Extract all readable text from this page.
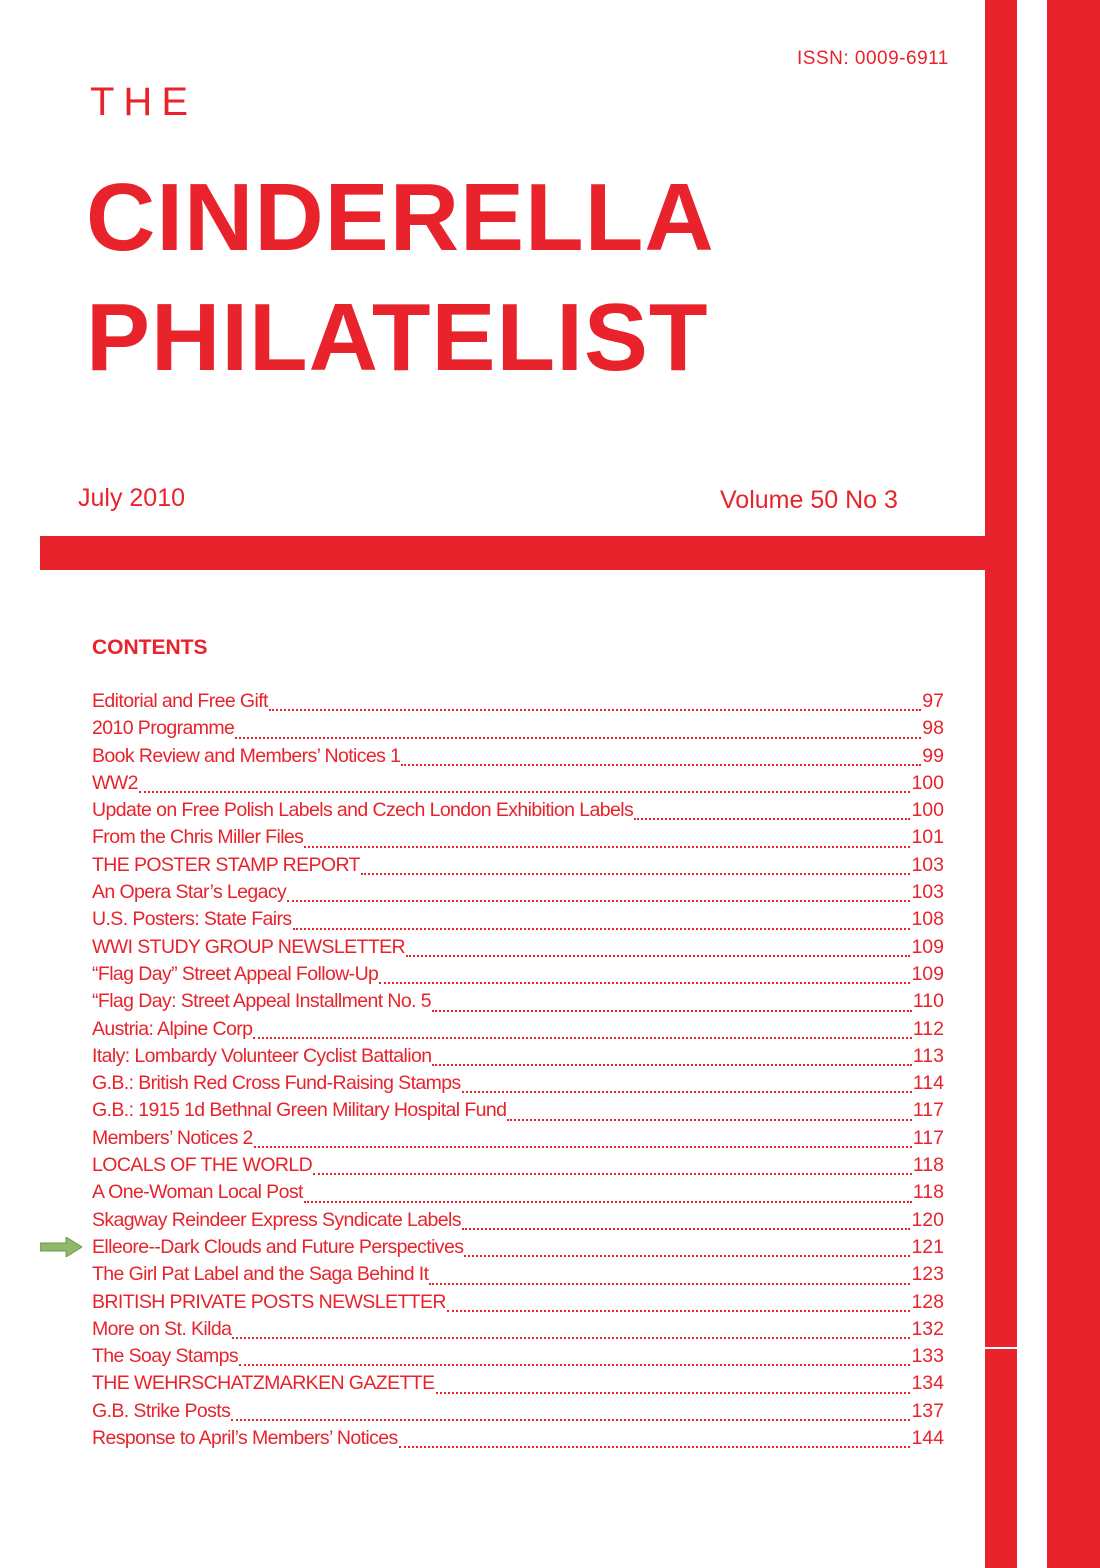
ISSN: 0009-6911
THE
CINDERELLA
PHILATELIST
July 2010	Volume 50 No 3
CONTENTS
Editorial and Free Gift	97
2010 Programme	98
Book Review and Members’ Notices 1	99
WW2	100
Update on Free Polish Labels and Czech London Exhibition Labels	100
From the Chris Miller Files	101
THE POSTER STAMP REPORT	103
An Opera Star’s Legacy	103
U.S. Posters: State Fairs	108
WWI STUDY GROUP NEWSLETTER	109
“Flag Day” Street Appeal Follow-Up	109
“Flag Day: Street Appeal Installment No. 5	110
Austria: Alpine Corp	112
Italy: Lombardy Volunteer Cyclist Battalion	113
G.B.: British Red Cross Fund-Raising Stamps	114
G.B.: 1915 1d Bethnal Green Military Hospital Fund	117
Members’ Notices 2	117
LOCALS OF THE WORLD	118
A One-Woman Local Post	118
Skagway Reindeer Express Syndicate Labels	120
Elleore--Dark Clouds and Future Perspectives	121
The Girl Pat Label and the Saga Behind It	123
BRITISH PRIVATE POSTS NEWSLETTER	128
More on St. Kilda	132
The Soay Stamps	133
THE WEHRSCHATZMARKEN GAZETTE	134
G.B. Strike Posts	137
Response to April’s Members’ Notices	144
